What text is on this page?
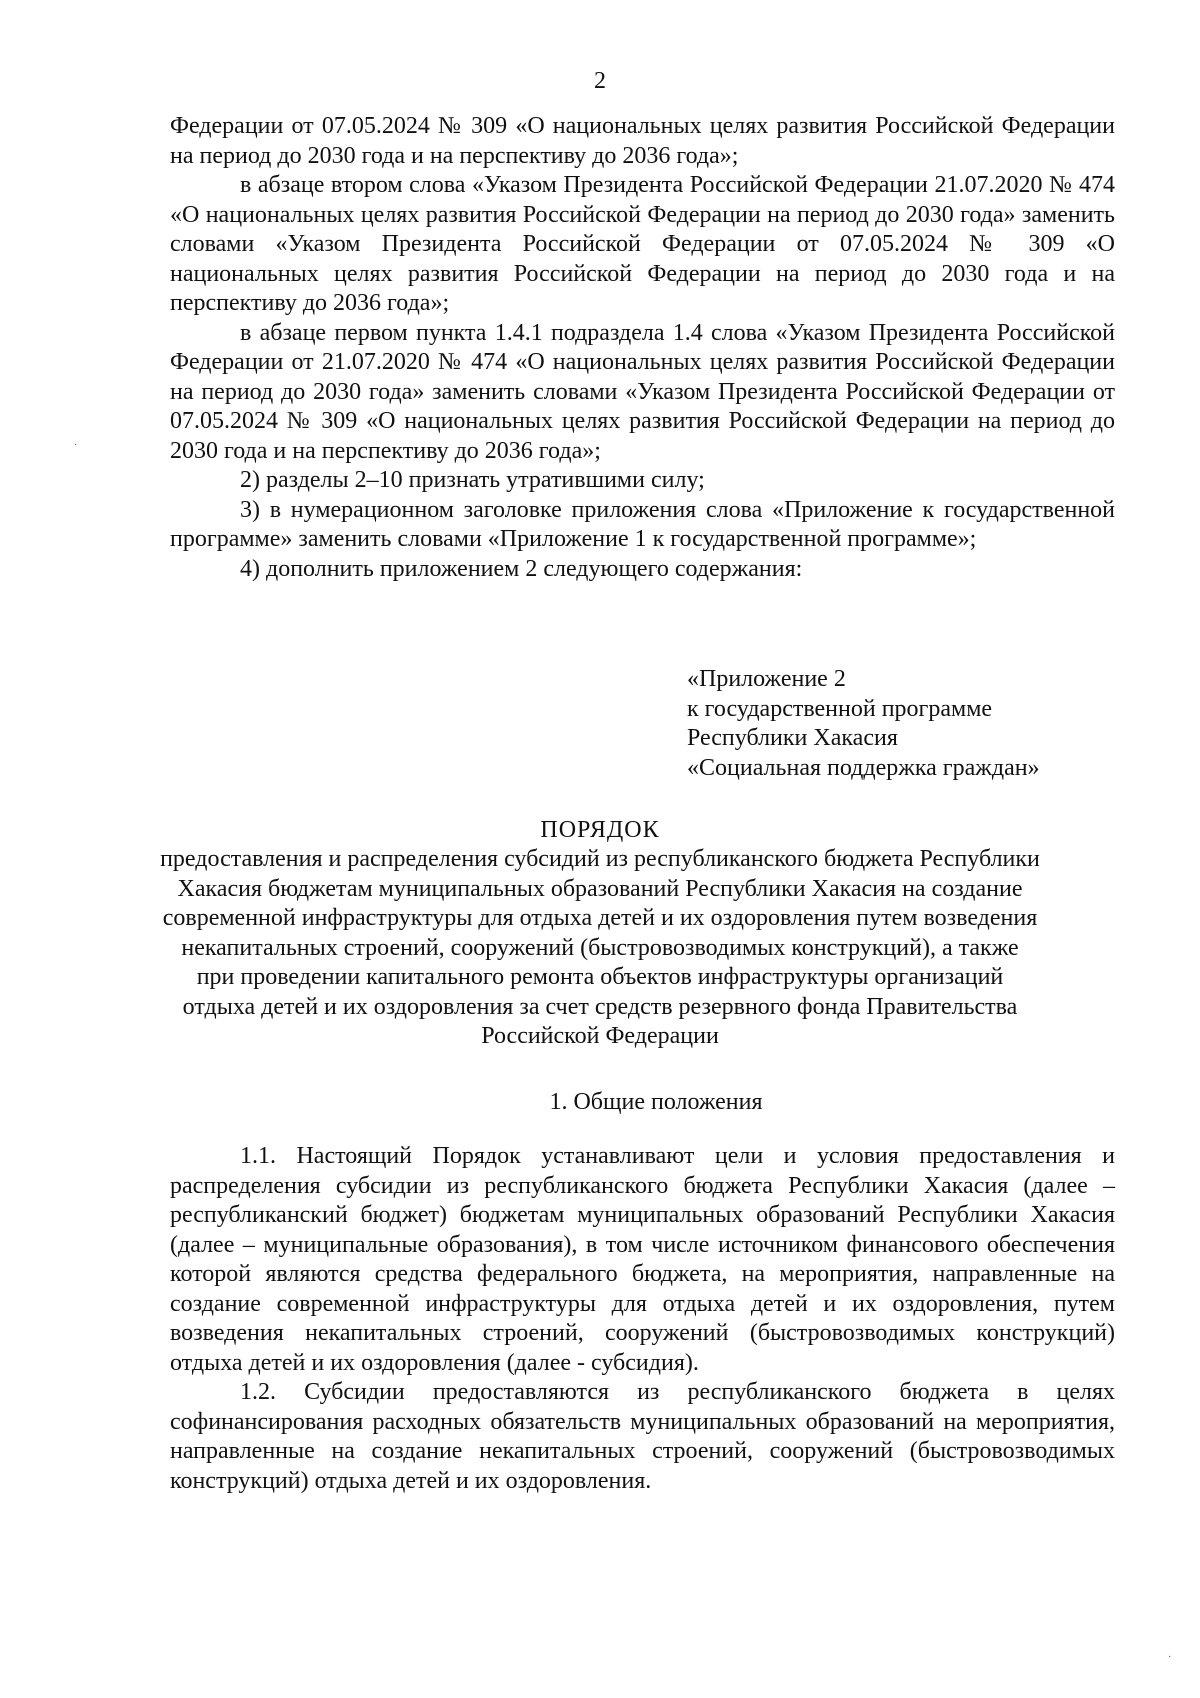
2

Федерации от 07.05.2024 № 309 «О национальных целях развития Российской Федерации на период до 2030 года и на перспективу до 2036 года»;

в абзаце втором слова «Указом Президента Российской Федерации 21.07.2020 № 474 «О национальных целях развития Российской Федерации на период до 2030 года» заменить словами «Указом Президента Российской Федерации от 07.05.2024 № 309 «О национальных целях развития Российской Федерации на период до 2030 года и на перспективу до 2036 года»;

в абзаце первом пункта 1.4.1 подраздела 1.4 слова «Указом Президента Российской Федерации от 21.07.2020 № 474 «О национальных целях развития Российской Федерации на период до 2030 года» заменить словами «Указом Президента Российской Федерации от 07.05.2024 № 309 «О национальных целях развития Российской Федерации на период до 2030 года и на перспективу до 2036 года»;

2) разделы 2–10 признать утратившими силу;

3) в нумерационном заголовке приложения слова «Приложение к государственной программе» заменить словами «Приложение 1 к государственной программе»;

4) дополнить приложением 2 следующего содержания:

«Приложение 2
к государственной программе
Республики Хакасия
«Социальная поддержка граждан»
ПОРЯДОК
предоставления и распределения субсидий из республиканского бюджета Республики Хакасия бюджетам муниципальных образований Республики Хакасия на создание современной инфраструктуры для отдыха детей и их оздоровления путем возведения некапитальных строений, сооружений (быстровозводимых конструкций), а также при проведении капитального ремонта объектов инфраструктуры организаций отдыха детей и их оздоровления за счет средств резервного фонда Правительства Российской Федерации
1. Общие положения

1.1. Настоящий Порядок устанавливают цели и условия предоставления и распределения субсидии из республиканского бюджета Республики Хакасия (далее – республиканский бюджет) бюджетам муниципальных образований Республики Хакасия (далее – муниципальные образования), в том числе источником финансового обеспечения которой являются средства федерального бюджета, на мероприятия, направленные на создание современной инфраструктуры для отдыха детей и их оздоровления, путем возведения некапитальных строений, сооружений (быстровозводимых конструкций) отдыха детей и их оздоровления (далее - субсидия).

1.2. Субсидии предоставляются из республиканского бюджета в целях софинансирования расходных обязательств муниципальных образований на мероприятия, направленные на создание некапитальных строений, сооружений (быстровозводимых конструкций) отдыха детей и их оздоровления.

·
·
